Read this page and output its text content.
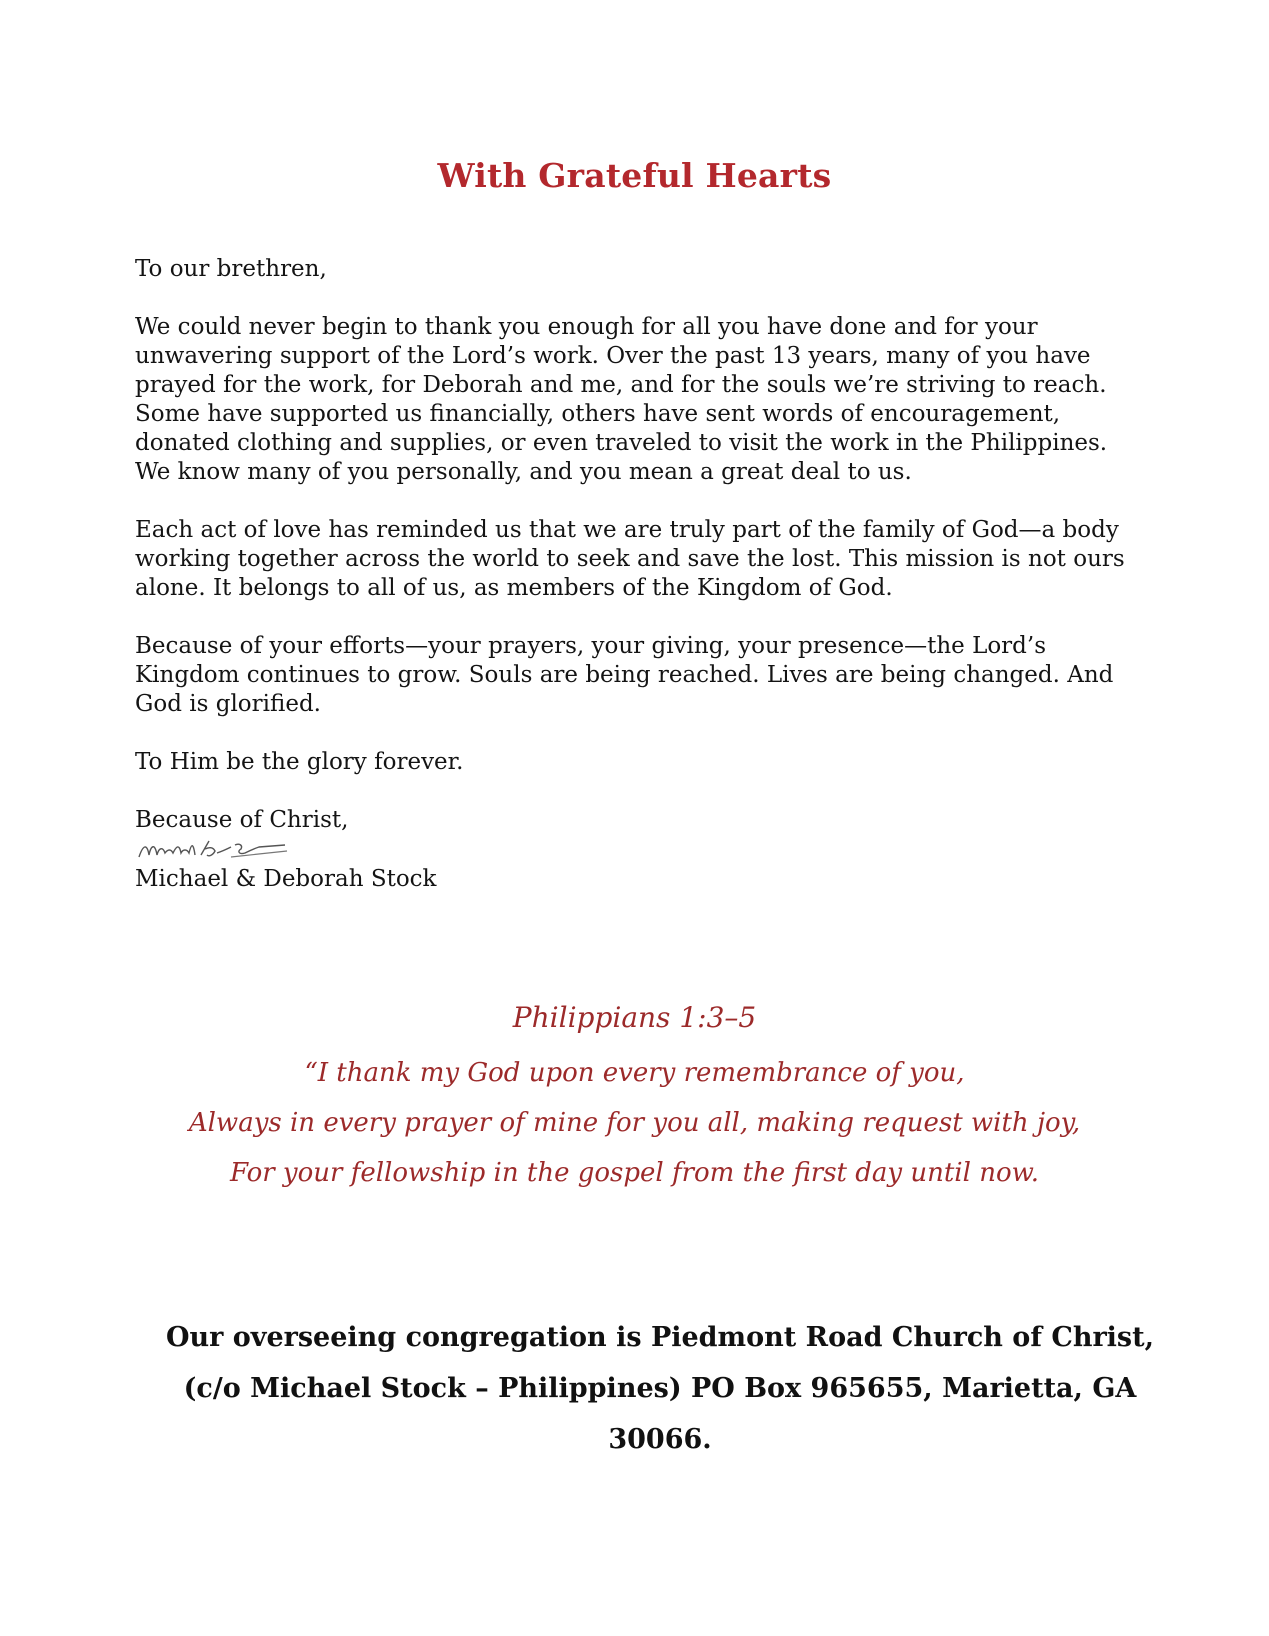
With Grateful Hearts

To our brethren,

We could never begin to thank you enough for all you have done and for your unwavering support of the Lord’s work. Over the past 13 years, many of you have prayed for the work, for Deborah and me, and for the souls we’re striving to reach. Some have supported us financially, others have sent words of encouragement, donated clothing and supplies, or even traveled to visit the work in the Philippines. We know many of you personally, and you mean a great deal to us.

Each act of love has reminded us that we are truly part of the family of God—a body working together across the world to seek and save the lost. This mission is not ours alone. It belongs to all of us, as members of the Kingdom of God.

Because of your efforts—your prayers, your giving, your presence—the Lord’s Kingdom continues to grow. Souls are being reached. Lives are being changed. And God is glorified.

To Him be the glory forever.

Because of Christ,

Michael & Deborah Stock

Philippians 1:3–5
“I thank my God upon every remembrance of you,
Always in every prayer of mine for you all, making request with joy,
For your fellowship in the gospel from the first day until now.
Our overseeing congregation is Piedmont Road Church of Christ,
(c/o Michael Stock – Philippines) PO Box 965655, Marietta, GA
30066.
